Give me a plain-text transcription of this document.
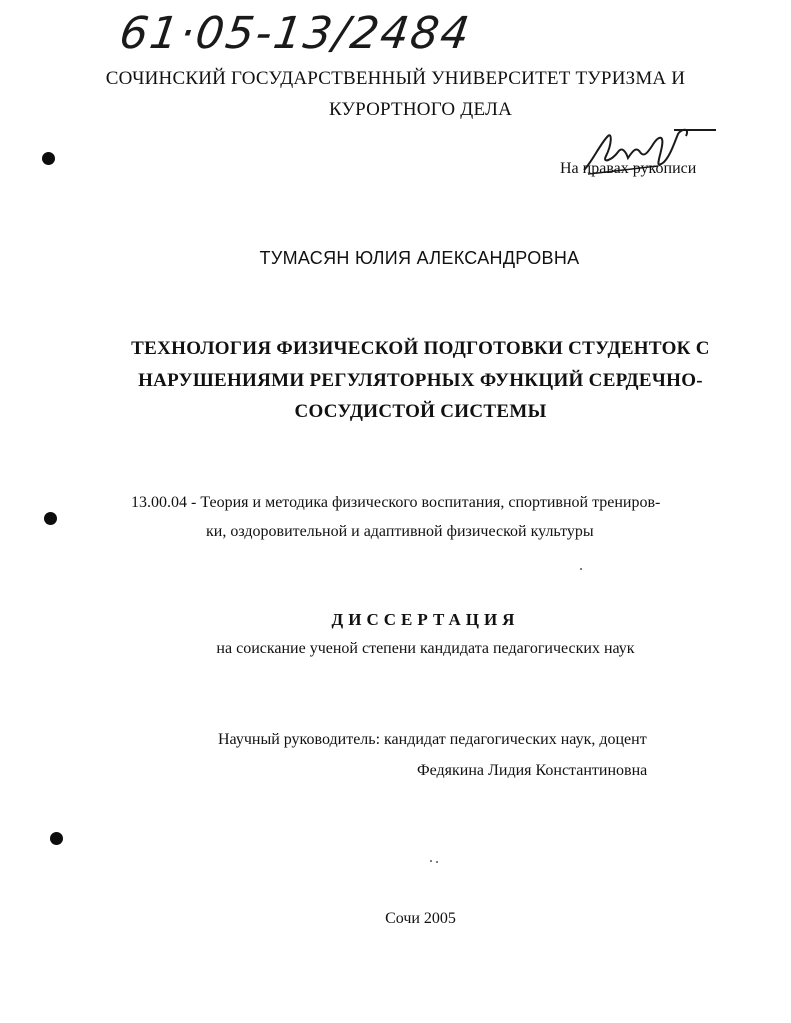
61·05-13/2484
СОЧИНСКИЙ ГОСУДАРСТВЕННЫЙ УНИВЕРСИТЕТ ТУРИЗМА И
КУРОРТНОГО ДЕЛА
На правах рукописи
ТУМАСЯН ЮЛИЯ АЛЕКСАНДРОВНА
ТЕХНОЛОГИЯ ФИЗИЧЕСКОЙ ПОДГОТОВКИ СТУДЕНТОК С
НАРУШЕНИЯМИ РЕГУЛЯТОРНЫХ ФУНКЦИЙ СЕРДЕЧНО-
СОСУДИСТОЙ СИСТЕМЫ
13.00.04 - Теория и методика физического воспитания, спортивной трениров-
ки, оздоровительной и адаптивной физической культуры
ДИССЕРТАЦИЯ
на соискание ученой степени кандидата педагогических наук
Научный руководитель: кандидат педагогических наук, доцент
Федякина Лидия Константиновна
Сочи 2005
